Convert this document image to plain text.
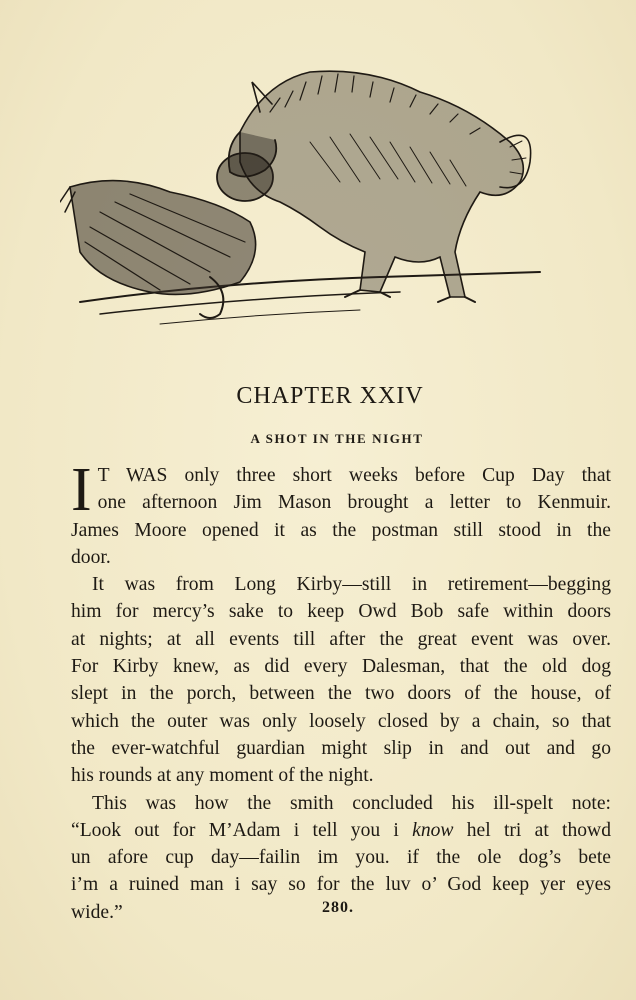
CHAPTER XXIV
A SHOT IN THE NIGHT
I T WAS only three short weeks before Cup Day that
one afternoon Jim Mason brought a letter to Kenmuir.
James Moore opened it as the postman still stood in the
door.
It was from Long Kirby—still in retirement—begging
him for mercy’s sake to keep Owd Bob safe within doors
at nights; at all events till after the great event was over.
For Kirby knew, as did every Dalesman, that the old dog
slept in the porch, between the two doors of the house, of
which the outer was only loosely closed by a chain, so that
the ever-watchful guardian might slip in and out and go
his rounds at any moment of the night.
This was how the smith concluded his ill-spelt note:
“Look out for M’Adam i tell you i know hel tri at thowd
un afore cup day—failin im you. if the ole dog’s bete
i’m a ruined man i say so for the luv o’ God keep yer eyes
wide.”	280.
